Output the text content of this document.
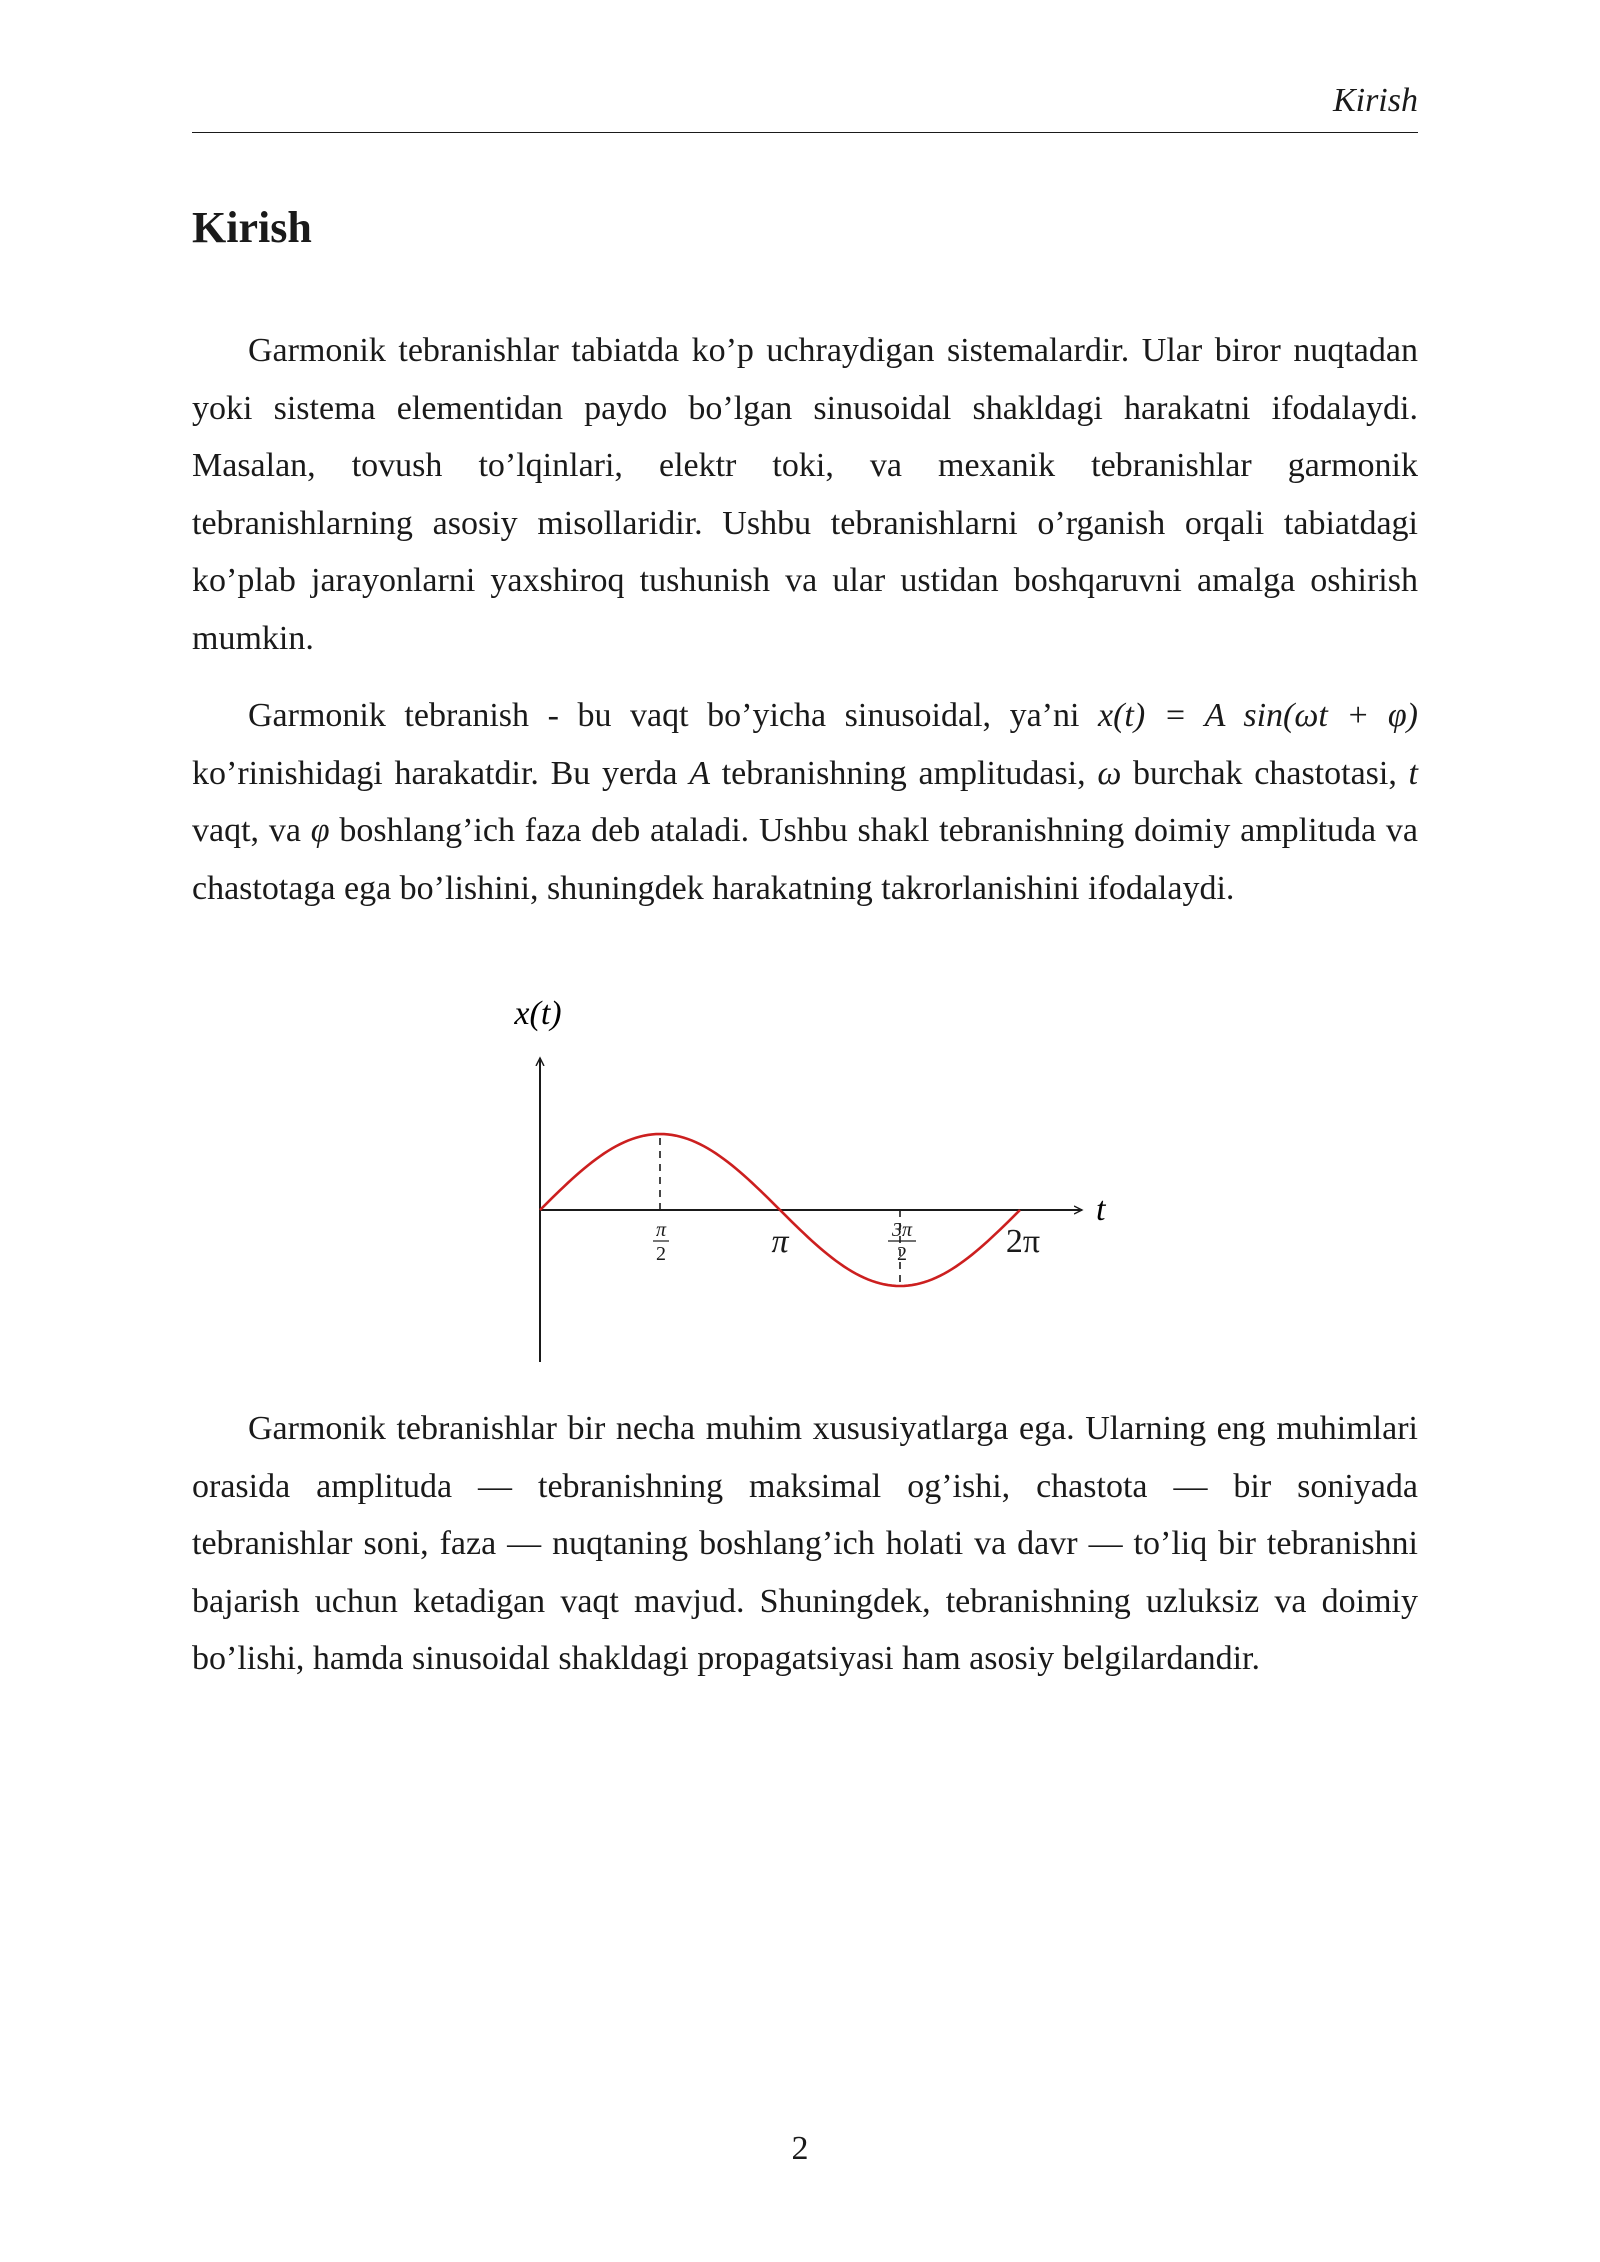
Kirish
Kirish

Garmonik tebranishlar tabiatda ko’p uchraydigan sistemalardir. Ular biror nuqtadan yoki sistema elementidan paydo bo’lgan sinusoidal shakldagi harakatni ifodalaydi. Masalan, tovush to’lqinlari, elektr toki, va mexanik tebranishlar garmonik tebranishlarning asosiy misollaridir. Ushbu tebranishlarni o’rganish orqali tabiatdagi ko’plab jarayonlarni yaxshiroq tushunish va ular ustidan boshqaruvni amalga oshirish mumkin.

Garmonik tebranish - bu vaqt bo’yicha sinusoidal, ya’ni x(t) = A sin(ωt + φ) ko’rinishidagi harakatdir. Bu yerda A tebranishning amplitudasi, ω burchak chastotasi, t vaqt, va φ boshlang’ich faza deb ataladi. Ushbu shakl tebranishning doimiy amplituda va chastotaga ega bo’lishini, shuningdek harakatning takrorlanishini ifodalaydi.

x(t)
t
π
2	π	3π
2	2π

Garmonik tebranishlar bir necha muhim xususiyatlarga ega. Ularning eng muhimlari orasida amplituda — tebranishning maksimal og’ishi, chastota — bir soniyada tebranishlar soni, faza — nuqtaning boshlang’ich holati va davr — to’liq bir tebranishni bajarish uchun ketadigan vaqt mavjud. Shuningdek, tebranishning uzluksiz va doimiy bo’lishi, hamda sinusoidal shakldagi propagatsiyasi ham asosiy belgilardandir.

2
